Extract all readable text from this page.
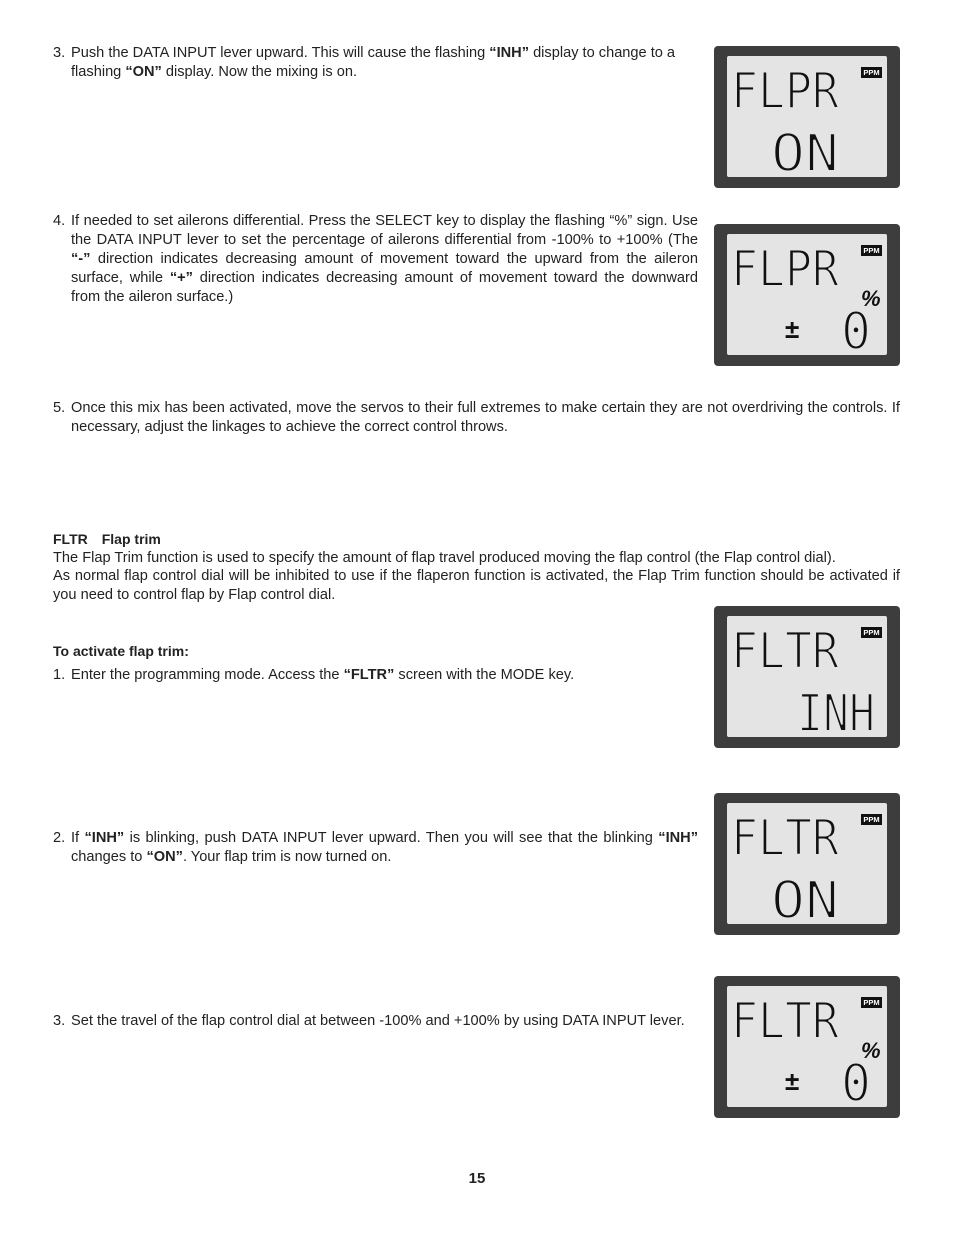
3. Push the DATA INPUT lever upward. This will cause the flashing “INH” display to change to a flashing “ON” display. Now the mixing is on.

4. If needed to set ailerons differential. Press the SELECT key to display the flashing “%” sign. Use the DATA INPUT lever to set the percentage of ailerons differential from -100% to +100% (The “-” direction indicates decreasing amount of movement toward the upward from the aileron surface, while “+” direction indicates decreasing amount of movement toward the downward from the aileron surface.)

5. Once this mix has been activated, move the servos to their full extremes to make certain they are not overdriving the controls. If necessary, adjust the linkages to achieve the correct control throws.

FLTR Flap trim

The Flap Trim function is used to specify the amount of flap travel produced moving the flap control (the Flap control dial).

As normal flap control dial will be inhibited to use if the flaperon function is activated, the Flap Trim function should be activated if you need to control flap by Flap control dial.

To activate flap trim:

1. Enter the programming mode. Access the “FLTR” screen with the MODE key.

2. If “INH” is blinking, push DATA INPUT lever upward. Then you will see that the blinking “INH” changes to “ON”. Your flap trim is now turned on.

3. Set the travel of the flap control dial at between -100% and +100% by using DATA INPUT lever.

FLPR
ON
PPM
FLPR
0
PPM
%
±
FLTR
INH
PPM
FLTR
ON
PPM
FLTR
0
PPM
%
±
15
